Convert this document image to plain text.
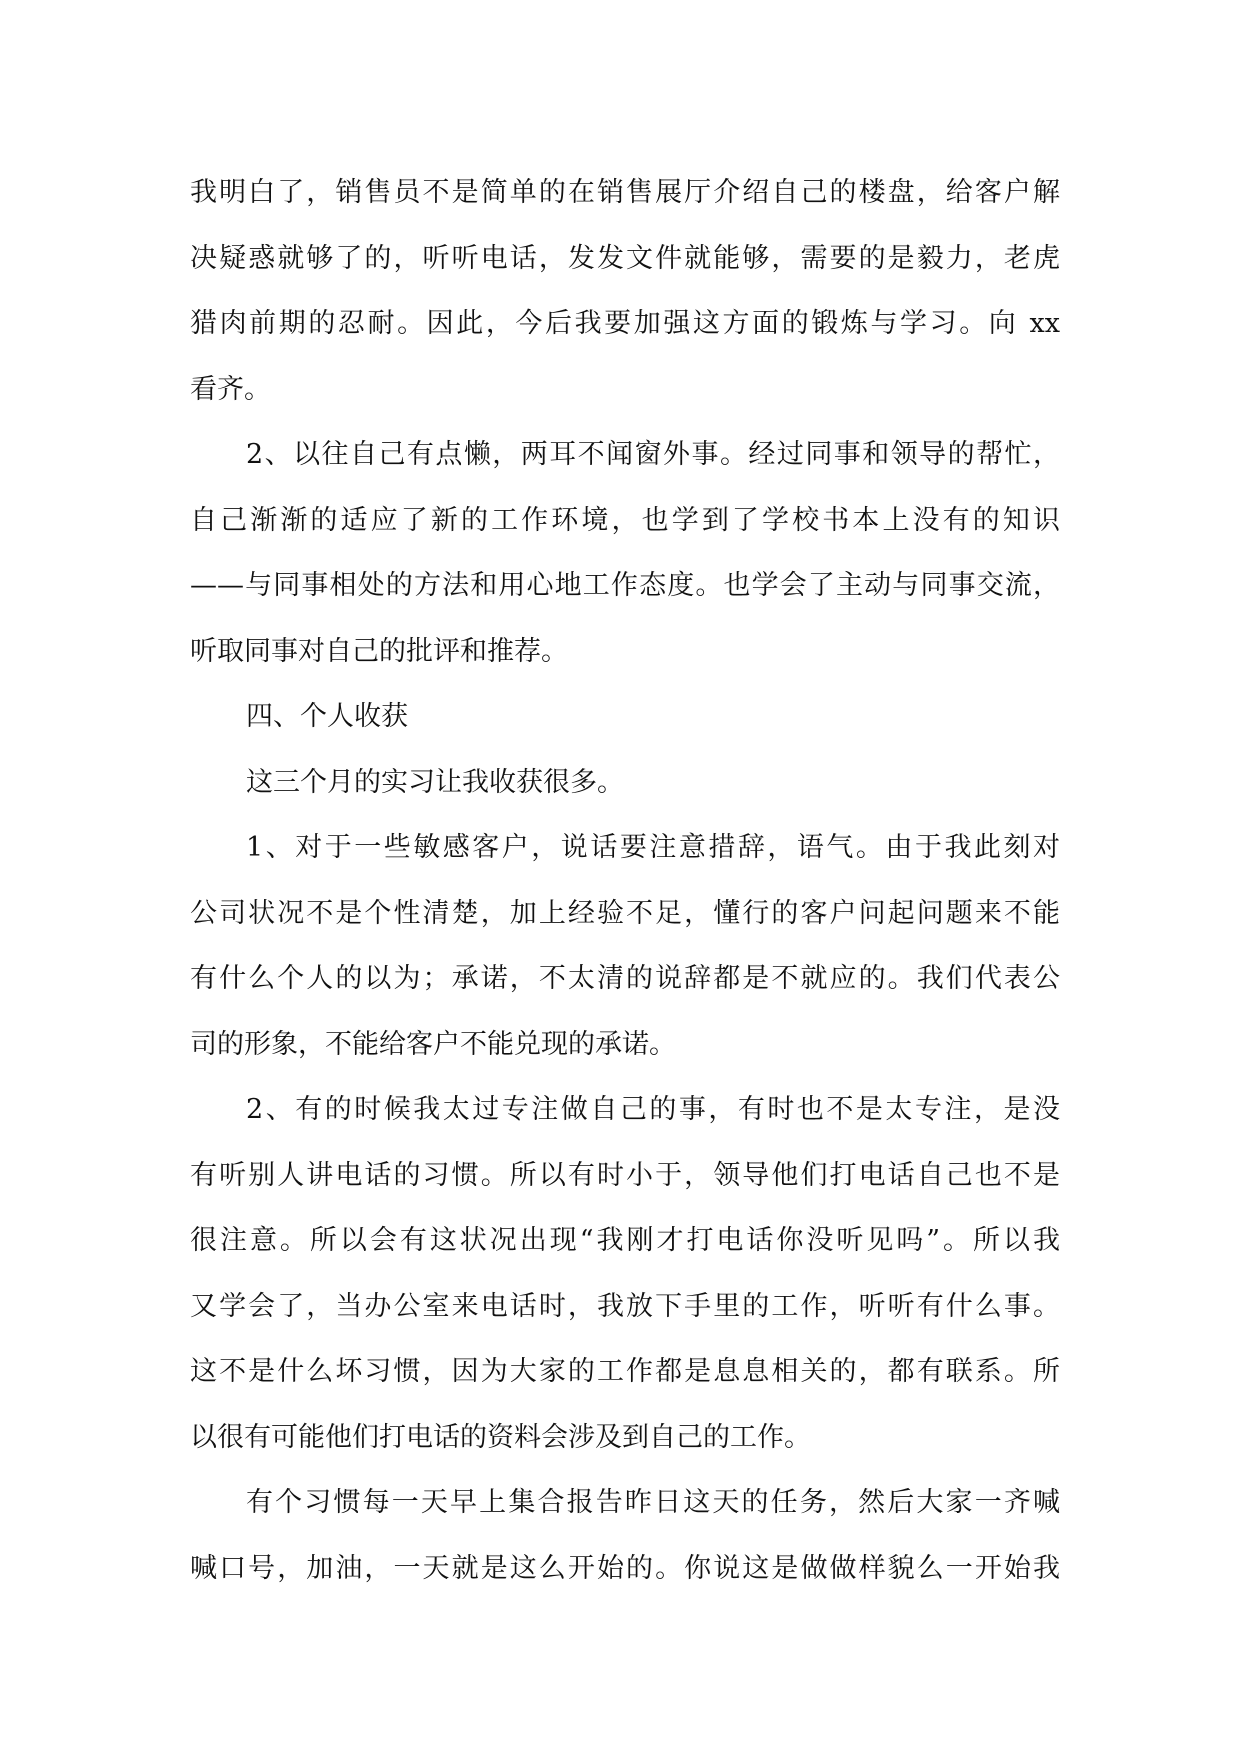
我明白了，销售员不是简单的在销售展厅介绍自己的楼盘，给客户解
决疑惑就够了的，听听电话，发发文件就能够，需要的是毅力，老虎
猎肉前期的忍耐。因此，今后我要加强这方面的锻炼与学习。向 xx
看齐。
2、以往自己有点懒，两耳不闻窗外事。经过同事和领导的帮忙，
自己渐渐的适应了新的工作环境，也学到了学校书本上没有的知识
——与同事相处的方法和用心地工作态度。也学会了主动与同事交流，
听取同事对自己的批评和推荐。
四、个人收获
这三个月的实习让我收获很多。
1、对于一些敏感客户，说话要注意措辞，语气。由于我此刻对
公司状况不是个性清楚，加上经验不足，懂行的客户问起问题来不能
有什么个人的以为；承诺，不太清的说辞都是不就应的。我们代表公
司的形象，不能给客户不能兑现的承诺。
2、有的时候我太过专注做自己的事，有时也不是太专注，是没
有听别人讲电话的习惯。所以有时小于，领导他们打电话自己也不是
很注意。所以会有这状况出现“我刚才打电话你没听见吗”。所以我
又学会了，当办公室来电话时，我放下手里的工作，听听有什么事。
这不是什么坏习惯，因为大家的工作都是息息相关的，都有联系。所
以很有可能他们打电话的资料会涉及到自己的工作。
有个习惯每一天早上集合报告昨日这天的任务，然后大家一齐喊
喊口号，加油，一天就是这么开始的。你说这是做做样貌么一开始我
